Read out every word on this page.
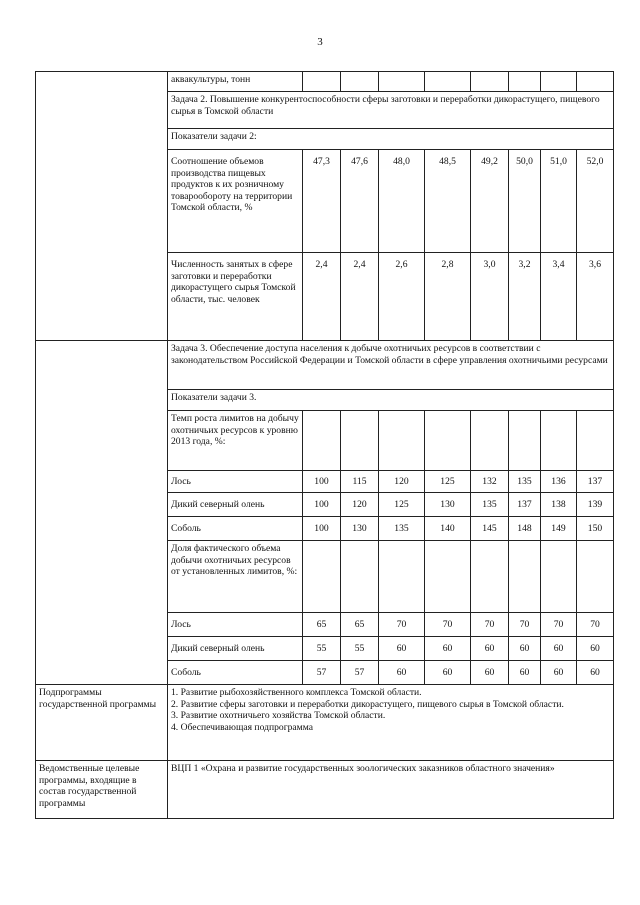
3
	аквакультуры, тонн								
	Задача 2. Повышение конкурентоспособности сферы заготовки и переработки дикорастущего, пищевого сырья в Томской области								
	Показатели задачи 2:								
	Соотношение объемов производства пищевых продуктов к их розничному товарообороту на территории Томской области, %	47,3	47,6	48,0	48,5	49,2	50,0	51,0	52,0
	Численность занятых в сфере заготовки и переработки дикорастущего сырья Томской области, тыс. человек	2,4	2,4	2,6	2,8	3,0	3,2	3,4	3,6

	Задача 3. Обеспечение доступа населения к добыче охотничьих ресурсов в соответствии с законодательством Российской Федерации и Томской области в сфере управления охотничьими ресурсами								
	Показатели задачи 3.								
	Темп роста лимитов на добычу охотничьих ресурсов к уровню 2013 года, %:								
	Лось	100	115	120	125	132	135	136	137
	Дикий северный олень	100	120	125	130	135	137	138	139
	Соболь	100	130	135	140	145	148	149	150
	Доля фактического объема добычи охотничьих ресурсов от установленных лимитов, %:								
	Лось	65	65	70	70	70	70	70	70
	Дикий северный олень	55	55	60	60	60	60	60	60
	Соболь	57	57	60	60	60	60	60	60

Подпрограммы государственной программы	1. Развитие рыбохозяйственного комплекса Томской области.
2. Развитие сферы заготовки и переработки дикорастущего, пищевого сырья в Томской области.
3. Развитие охотничьего хозяйства Томской области.
4. Обеспечивающая подпрограмма								

Ведомственные целевые программы, входящие в состав государственной программы	ВЦП 1 «Охрана и развитие государственных зоологических заказников областного значения»								
